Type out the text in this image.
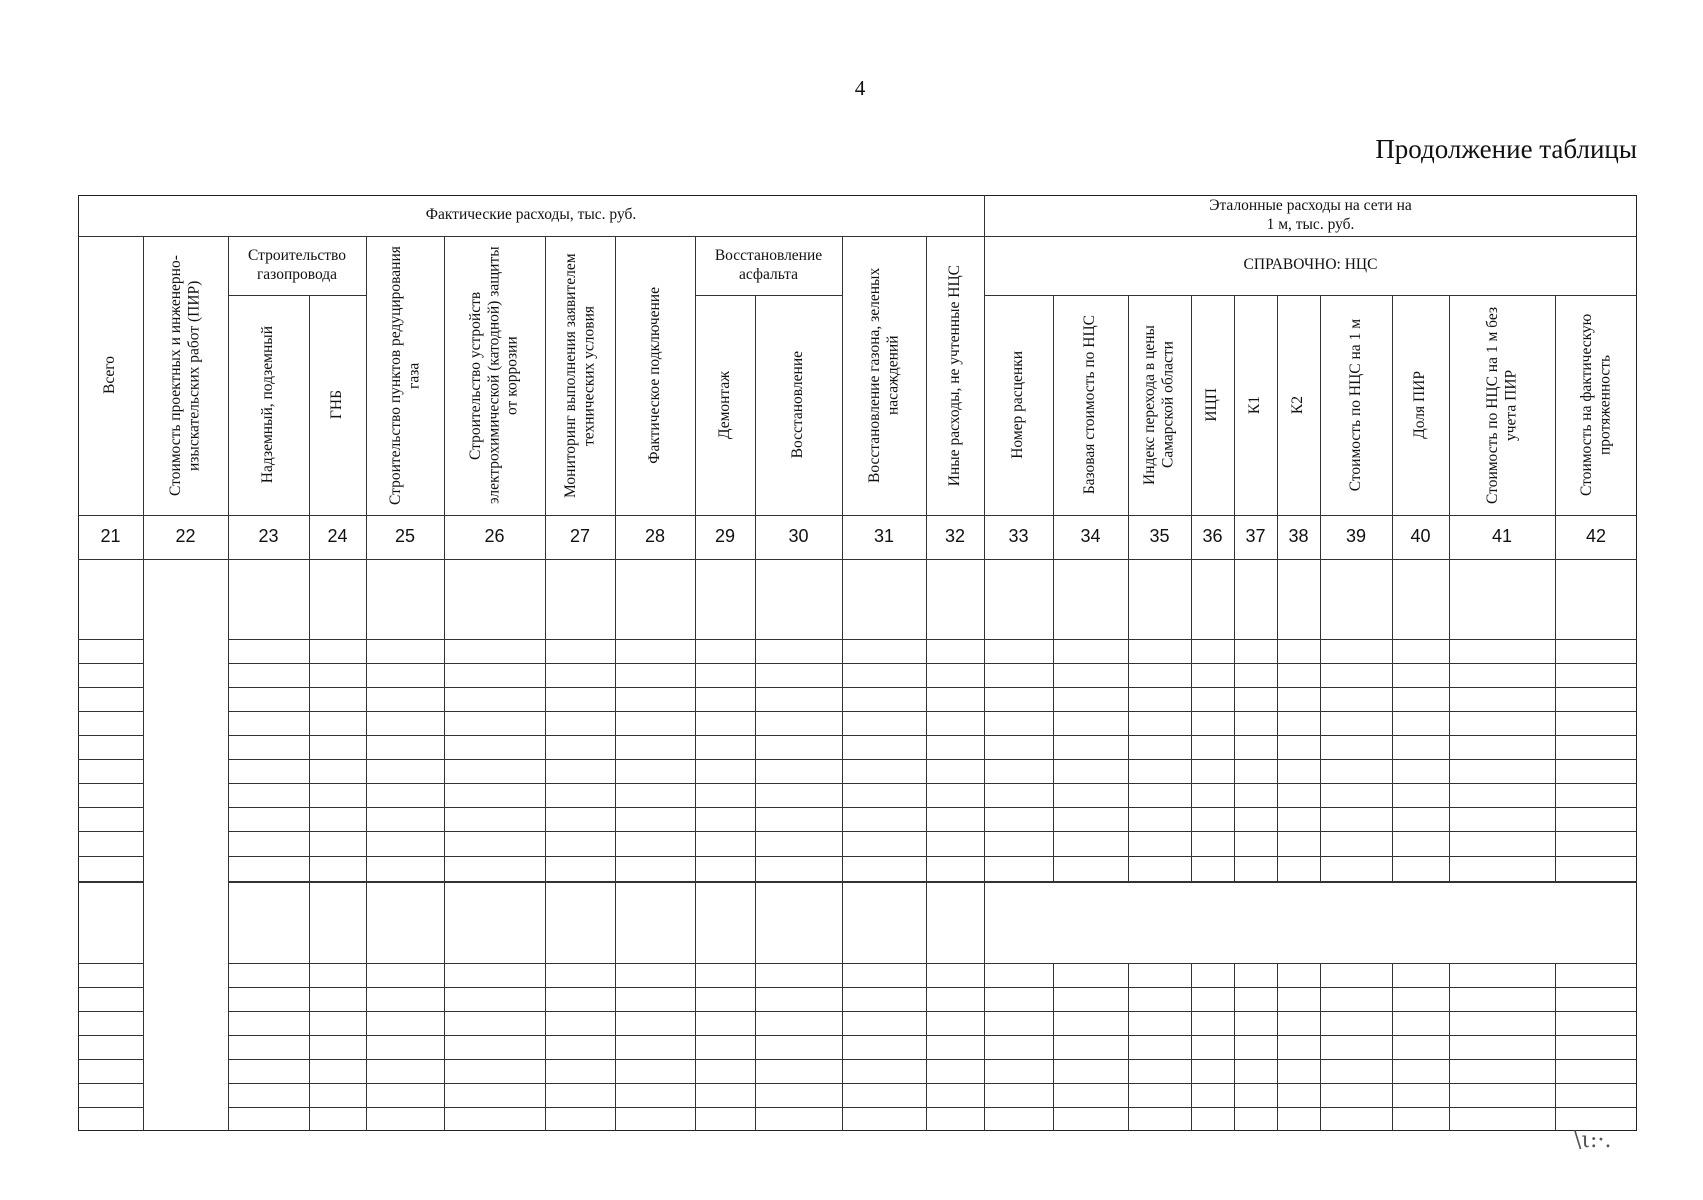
4
Продолжение таблицы
Фактические расходы, тыс. руб.
Эталонные расходы на сети на 1 м, тыс. руб.
Строительство газопровода
Восстановление асфальта
СПРАВОЧНО: НЦС
Всего
21
Стоимость проектных и инженерно-изыскательских работ (ПИР)
22
Надземный, подземный
23
ГНБ
24
Строительство пунктов редуцирования газа
25
Строительство устройств электрохимической (катодной) защиты от коррозии
26
Мониторинг выполнения заявителем технических условия
27
Фактическое подключение
28
Демонтаж
29
Восстановление
30
Восстановление газона, зеленых насаждений
31
Иные расходы, не учтенные НЦС
32
Номер расценки
33
Базовая стоимость по НЦС
34
Индекс перехода в цены Самарской области
35
ИЦП
36
К1
37
К2
38
Стоимость по НЦС на 1 м
39
Доля ПИР
40
Стоимость по НЦС на 1 м без учета ПИР
41
Стоимость на фактическую протяженность
42
\ι:·.
